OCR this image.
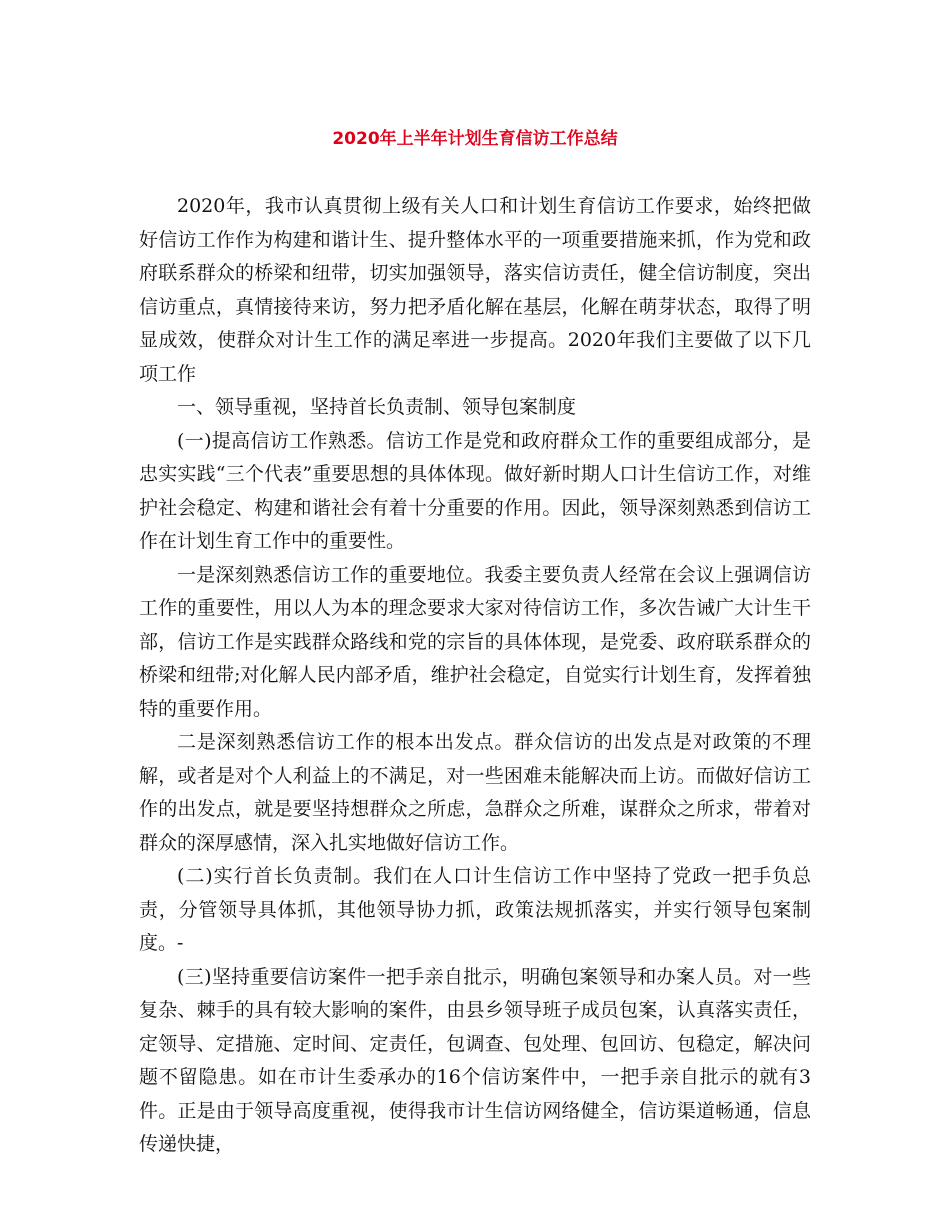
2020年上半年计划生育信访工作总结

2020年，我市认真贯彻上级有关人口和计划生育信访工作要求，始终把做好信访工作作为构建和谐计生、提升整体水平的一项重要措施来抓，作为党和政府联系群众的桥梁和纽带，切实加强领导，落实信访责任，健全信访制度，突出信访重点，真情接待来访，努力把矛盾化解在基层，化解在萌芽状态，取得了明显成效，使群众对计生工作的满足率进一步提高。2020年我们主要做了以下几项工作

一、领导重视，坚持首长负责制、领导包案制度

(一)提高信访工作熟悉。信访工作是党和政府群众工作的重要组成部分，是忠实实践“三个代表”重要思想的具体体现。做好新时期人口计生信访工作，对维护社会稳定、构建和谐社会有着十分重要的作用。因此，领导深刻熟悉到信访工作在计划生育工作中的重要性。

一是深刻熟悉信访工作的重要地位。我委主要负责人经常在会议上强调信访工作的重要性，用以人为本的理念要求大家对待信访工作，多次告诫广大计生干部，信访工作是实践群众路线和党的宗旨的具体体现，是党委、政府联系群众的桥梁和纽带;对化解人民内部矛盾，维护社会稳定，自觉实行计划生育，发挥着独特的重要作用。

二是深刻熟悉信访工作的根本出发点。群众信访的出发点是对政策的不理解，或者是对个人利益上的不满足，对一些困难未能解决而上访。而做好信访工作的出发点，就是要坚持想群众之所虑，急群众之所难，谋群众之所求，带着对群众的深厚感情，深入扎实地做好信访工作。

(二)实行首长负责制。我们在人口计生信访工作中坚持了党政一把手负总责，分管领导具体抓，其他领导协力抓，政策法规抓落实，并实行领导包案制度。-

(三)坚持重要信访案件一把手亲自批示，明确包案领导和办案人员。对一些复杂、棘手的具有较大影响的案件，由县乡领导班子成员包案，认真落实责任，定领导、定措施、定时间、定责任，包调查、包处理、包回访、包稳定，解决问题不留隐患。如在市计生委承办的16个信访案件中，一把手亲自批示的就有3件。正是由于领导高度重视，使得我市计生信访网络健全，信访渠道畅通，信息传递快捷，
